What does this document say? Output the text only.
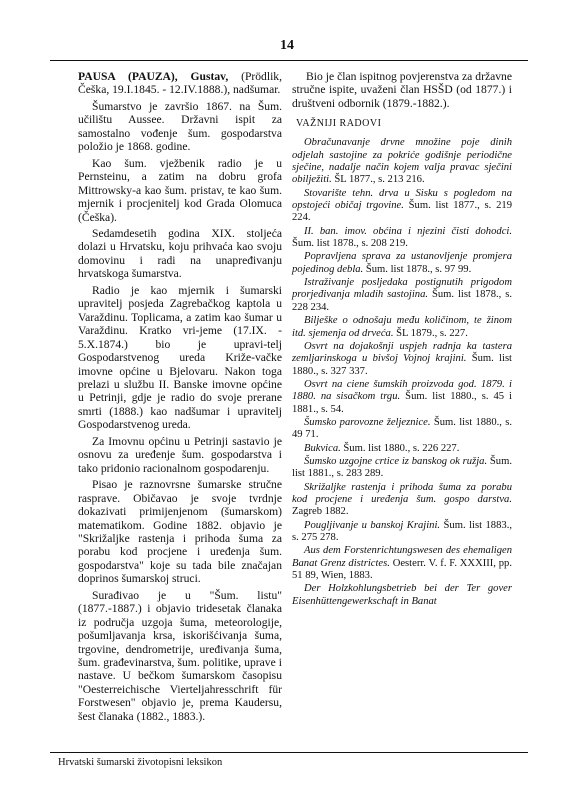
14

PAUSA (PAUZA), Gustav, (Prödlik, Češka, 19.I.1845. - 12.IV.1888.), nadšumar.

Šumarstvo je završio 1867. na Šum. učilištu Aussee. Državni ispit za samostalno vođenje šum. gospodarstva položio je 1868. godine.

Kao šum. vježbenik radio je u Pernsteinu, a zatim na dobru grofa Mittrowsky-a kao šum. pristav, te kao šum. mjernik i procjenitelj kod Grada Olomuca (Češka).

Sedamdesetih godina XIX. stoljeća dolazi u Hrvatsku, koju prihvaća kao svoju domovinu i radi na unapređivanju hrvatskoga šumarstva.

Radio je kao mjernik i šumarski upravitelj posjeda Zagrebačkog kaptola u Varaždinu. Toplicama, a zatim kao šumar u Varaždinu. Kratko vri-jeme (17.IX. - 5.X.1874.) bio je upravi-telj Gospodarstvenog ureda Križe-vačke imovne općine u Bjelovaru. Nakon toga prelazi u službu II. Banske imovne općine u Petrinji, gdje je radio do svoje prerane smrti (1888.) kao nadšumar i upravitelj Gospodarstvenog ureda.

Za Imovnu općinu u Petrinji sastavio je osnovu za uređenje šum. gospodarstva i tako pridonio racionalnom gospodarenju.

Pisao je raznovrsne šumarske stručne rasprave. Običavao je svoje tvrdnje dokazivati primijenjenom (šumarskom) matematikom. Godine 1882. objavio je "Skrižaljke rastenja i prihoda šuma za porabu kod procjene i uređenja šum. gospodarstva" koje su tada bile značajan doprinos šumarskoj struci.

Surađivao je u "Šum. listu" (1877.-1887.) i objavio tridesetak članaka iz područja uzgoja šuma, meteorologije, pošumljavanja krsa, iskorišćivanja šuma, trgovine, dendrometrije, uređivanja šuma, šum. građevinarstva, šum. politike, uprave i nastave. U bečkom šumarskom časopisu "Oesterreichische Vierteljahresschrift für Forstwesen" objavio je, prema Kaudersu, šest članaka (1882., 1883.).

Bio je član ispitnog povjerenstva za državne stručne ispite, uvaženi član HSŠD (od 1877.) i društveni odbornik (1879.-1882.).

VAŽNIJI RADOVI
Obračunavanje drvne množine poje dinih odjelah sastojine za pokriće godišnje periodičnе sječine, nadalje način kojem valja pravac sječini obilježiti. ŠL 1877., s. 213 216.
Stovarište tehn. drva u Sisku s pogledom na opstojeći običaj trgovine. Šum. list 1877., s. 219 224.
II. ban. imov. obćina i njezini čisti dohodci. Šum. list 1878., s. 208 219.
Popravljena sprava za ustanovljenje promjera pojedinog debla. Šum. list 1878., s. 97 99.
Istraživanje posljedaka postignutih prigodom prorjeđivanja mladih sastojina. Šum. list 1878., s. 228 234.
Bilješke o odnošaju među količinom, te žinom itd. sjemenja od drveća. ŠL 1879., s. 227.
Osvrt na dojakošnji uspjeh radnja ka tastera zemljarinskoga u bivšoj Vojnoj krajini. Šum. list 1880., s. 327 337.
Osvrt na ciene šumskih proizvoda god. 1879. i 1880. na sisačkom trgu. Šum. list 1880., s. 45 i 1881., s. 54.
Šumsko parovozne željeznice. Šum. list 1880., s. 49 71.
Bukvica. Šum. list 1880., s. 226 227.
Šumsko uzgojne crtice iz banskog ok ružja. Šum. list 1881., s. 283 289.
Skrižaljke rastenja i prihoda šuma za porabu kod procjene i uređenja šum. gospo darstva. Zagreb 1882.
Pougljivanje u banskoj Krajini. Šum. list 1883., s. 275 278.
Aus dem Forstenrichtungswesen des ehemaligen Banat Grenz districtes. Oesterr. V. f. F. XXXIII, pp. 51 89, Wien, 1883.
Der Holzkohlungsbetrieb bei der Ter gover Eisenhüttengewerkschaft in Banat
Hrvatski šumarski životopisni leksikon
